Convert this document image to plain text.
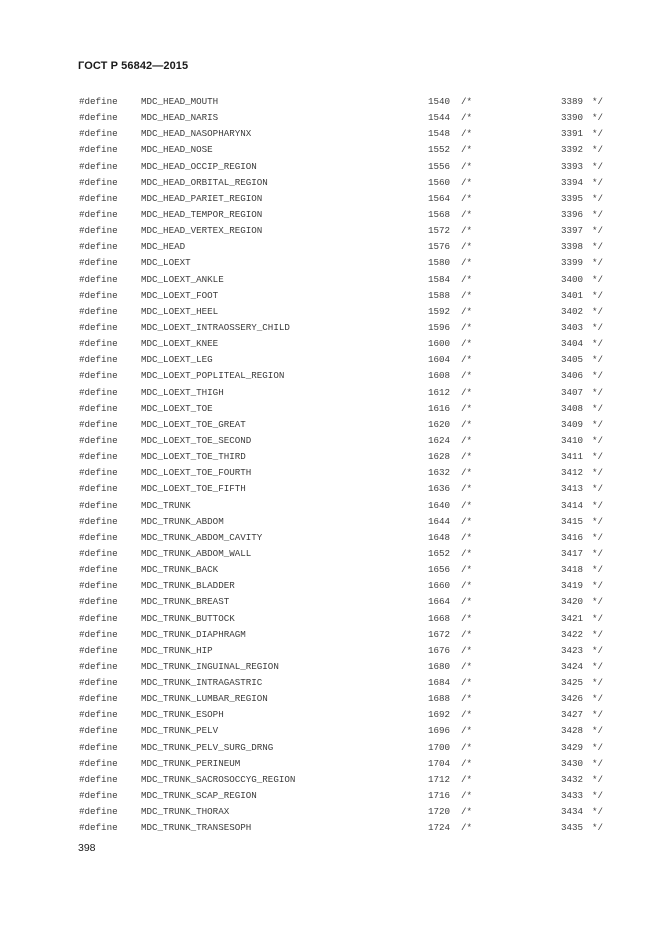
ГОСТ Р 56842—2015
#define	MDC_HEAD_MOUTH	1540 /*	3389 */
#define	MDC_HEAD_NARIS	1544 /*	3390 */
#define	MDC_HEAD_NASOPHARYNX	1548 /*	3391 */
#define	MDC_HEAD_NOSE	1552 /*	3392 */
#define	MDC_HEAD_OCCIP_REGION	1556 /*	3393 */
#define	MDC_HEAD_ORBITAL_REGION	1560 /*	3394 */
#define	MDC_HEAD_PARIET_REGION	1564 /*	3395 */
#define	MDC_HEAD_TEMPOR_REGION	1568 /*	3396 */
#define	MDC_HEAD_VERTEX_REGION	1572 /*	3397 */
#define	MDC_HEAD	1576 /*	3398 */
#define	MDC_LOEXT	1580 /*	3399 */
#define	MDC_LOEXT_ANKLE	1584 /*	3400 */
#define	MDC_LOEXT_FOOT	1588 /*	3401 */
#define	MDC_LOEXT_HEEL	1592 /*	3402 */
#define	MDC_LOEXT_INTRAOSSERY_CHILD	1596 /*	3403 */
#define	MDC_LOEXT_KNEE	1600 /*	3404 */
#define	MDC_LOEXT_LEG	1604 /*	3405 */
#define	MDC_LOEXT_POPLITEAL_REGION	1608 /*	3406 */
#define	MDC_LOEXT_THIGH	1612 /*	3407 */
#define	MDC_LOEXT_TOE	1616 /*	3408 */
#define	MDC_LOEXT_TOE_GREAT	1620 /*	3409 */
#define	MDC_LOEXT_TOE_SECOND	1624 /*	3410 */
#define	MDC_LOEXT_TOE_THIRD	1628 /*	3411 */
#define	MDC_LOEXT_TOE_FOURTH	1632 /*	3412 */
#define	MDC_LOEXT_TOE_FIFTH	1636 /*	3413 */
#define	MDC_TRUNK	1640 /*	3414 */
#define	MDC_TRUNK_ABDOM	1644 /*	3415 */
#define	MDC_TRUNK_ABDOM_CAVITY	1648 /*	3416 */
#define	MDC_TRUNK_ABDOM_WALL	1652 /*	3417 */
#define	MDC_TRUNK_BACK	1656 /*	3418 */
#define	MDC_TRUNK_BLADDER	1660 /*	3419 */
#define	MDC_TRUNK_BREAST	1664 /*	3420 */
#define	MDC_TRUNK_BUTTOCK	1668 /*	3421 */
#define	MDC_TRUNK_DIAPHRAGM	1672 /*	3422 */
#define	MDC_TRUNK_HIP	1676 /*	3423 */
#define	MDC_TRUNK_INGUINAL_REGION	1680 /*	3424 */
#define	MDC_TRUNK_INTRAGASTRIC	1684 /*	3425 */
#define	MDC_TRUNK_LUMBAR_REGION	1688 /*	3426 */
#define	MDC_TRUNK_ESOPH	1692 /*	3427 */
#define	MDC_TRUNK_PELV	1696 /*	3428 */
#define	MDC_TRUNK_PELV_SURG_DRNG	1700 /*	3429 */
#define	MDC_TRUNK_PERINEUM	1704 /*	3430 */
#define	MDC_TRUNK_SACROSOCCYG_REGION	1712 /*	3432 */
#define	MDC_TRUNK_SCAP_REGION	1716 /*	3433 */
#define	MDC_TRUNK_THORAX	1720 /*	3434 */
#define	MDC_TRUNK_TRANSESOPH	1724 /*	3435 */
398
